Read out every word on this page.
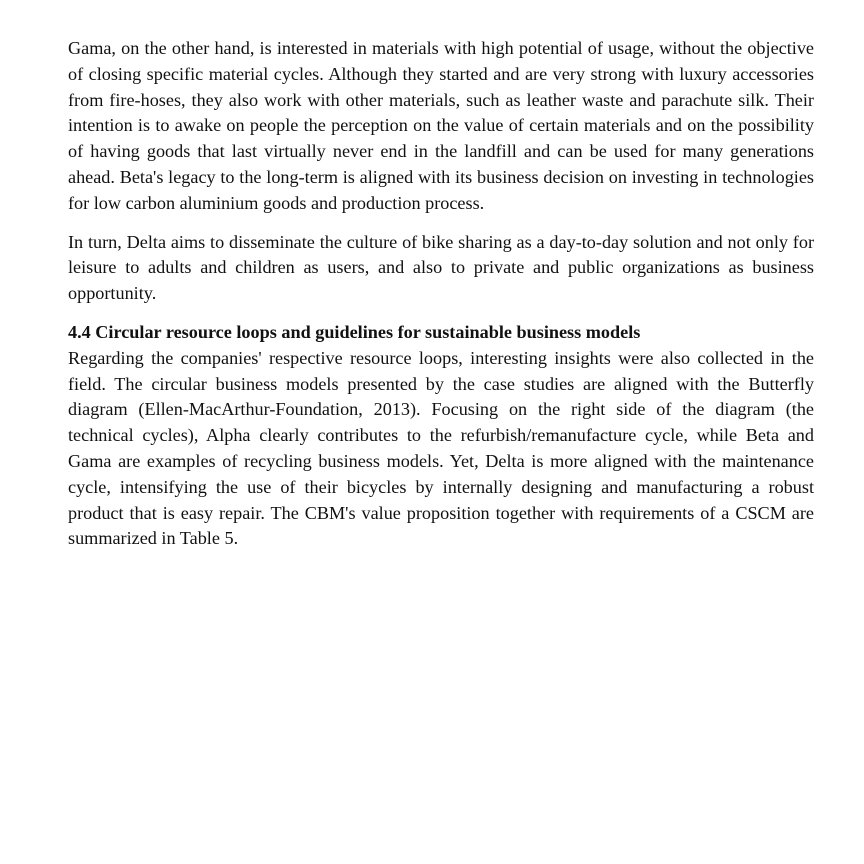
Gama, on the other hand, is interested in materials with high potential of usage, without the objective of closing specific material cycles. Although they started and are very strong with luxury accessories from fire-hoses, they also work with other materials, such as leather waste and parachute silk. Their intention is to awake on people the perception on the value of certain materials and on the possibility of having goods that last virtually never end in the landfill and can be used for many generations ahead. Beta's legacy to the long-term is aligned with its business decision on investing in technologies for low carbon aluminium goods and production process.

In turn, Delta aims to disseminate the culture of bike sharing as a day-to-day solution and not only for leisure to adults and children as users, and also to private and public organizations as business opportunity.

4.4 Circular resource loops and guidelines for sustainable business models

Regarding the companies' respective resource loops, interesting insights were also collected in the field. The circular business models presented by the case studies are aligned with the Butterfly diagram (Ellen-MacArthur-Foundation, 2013). Focusing on the right side of the diagram (the technical cycles), Alpha clearly contributes to the refurbish/remanufacture cycle, while Beta and Gama are examples of recycling business models. Yet, Delta is more aligned with the maintenance cycle, intensifying the use of their bicycles by internally designing and manufacturing a robust product that is easy repair. The CBM's value proposition together with requirements of a CSCM are summarized in Table 5.
